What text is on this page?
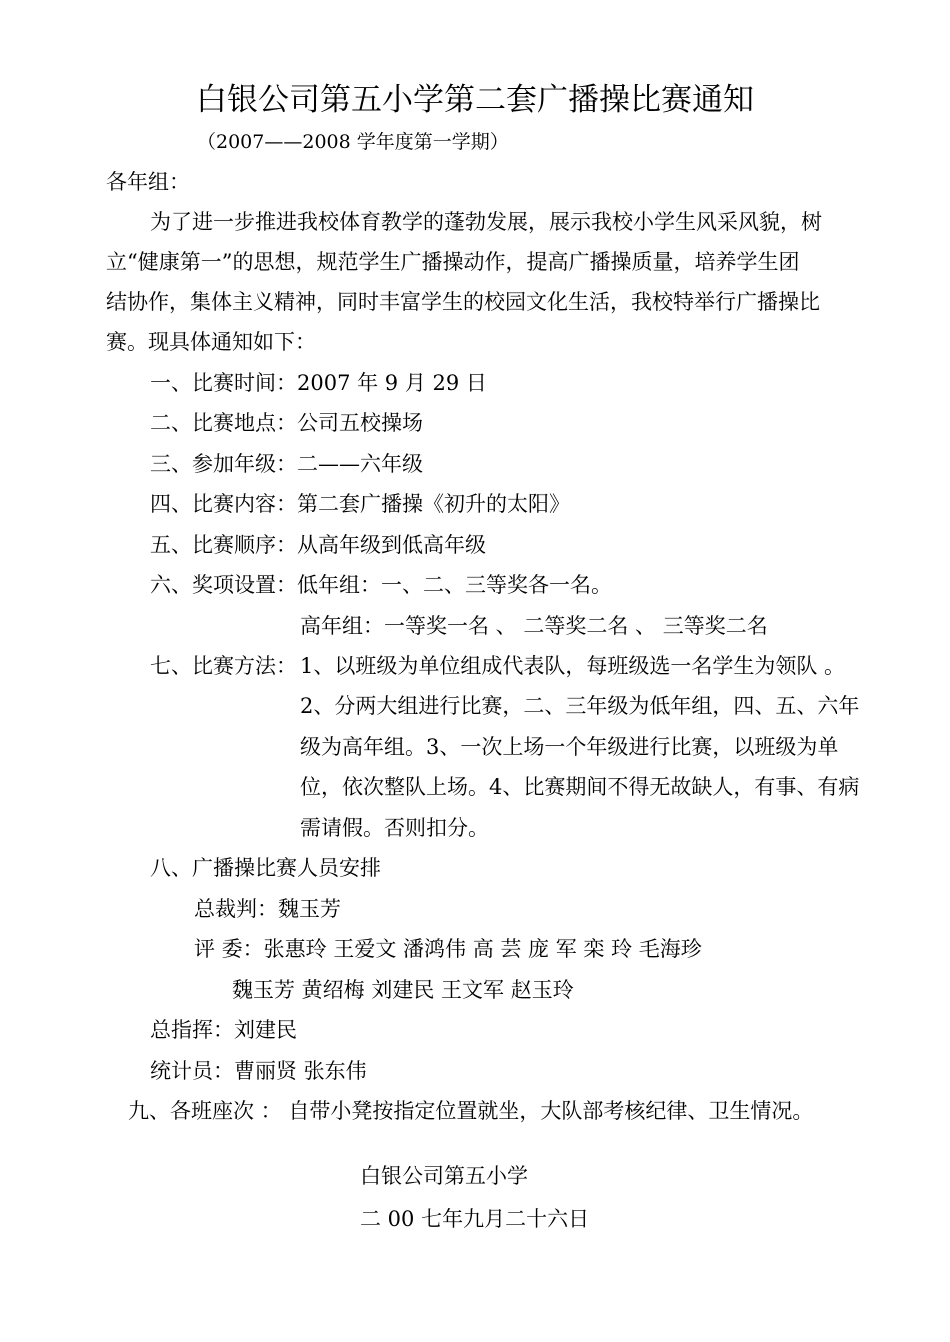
白银公司第五小学第二套广播操比赛通知
（2007——2008 学年度第一学期）
各年组：
为了进一步推进我校体育教学的蓬勃发展，展示我校小学生风采风貌，树
立“健康第一”的思想，规范学生广播操动作，提高广播操质量，培养学生团
结协作，集体主义精神，同时丰富学生的校园文化生活，我校特举行广播操比
赛。现具体通知如下：
一、比赛时间：2007 年 9 月 29 日
二、比赛地点：公司五校操场
三、参加年级：二——六年级
四、比赛内容：第二套广播操《初升的太阳》
五、比赛顺序：从高年级到低高年级
六、奖项设置：低年组：一、二、三等奖各一名。
高年组：一等奖一名 、 二等奖二名 、 三等奖二名
七、比赛方法： 1、以班级为单位组成代表队，每班级选一名学生为领队 。
2、分两大组进行比赛，二、三年级为低年组，四、五、六年
级为高年组。3、一次上场一个年级进行比赛，以班级为单
位，依次整队上场。4、比赛期间不得无故缺人，有事、有病
需请假。否则扣分。
八、广播操比赛人员安排
总裁判：魏玉芳
评 委：张惠玲 王爱文 潘鸿伟 高 芸 庞 军 栾 玲 毛海珍
魏玉芳 黄绍梅 刘建民 王文军 赵玉玲
总指挥：刘建民
统计员：曹丽贤 张东伟
九、各班座次 ： 自带小凳按指定位置就坐，大队部考核纪律、卫生情况。
白银公司第五小学
二 00 七年九月二十六日
